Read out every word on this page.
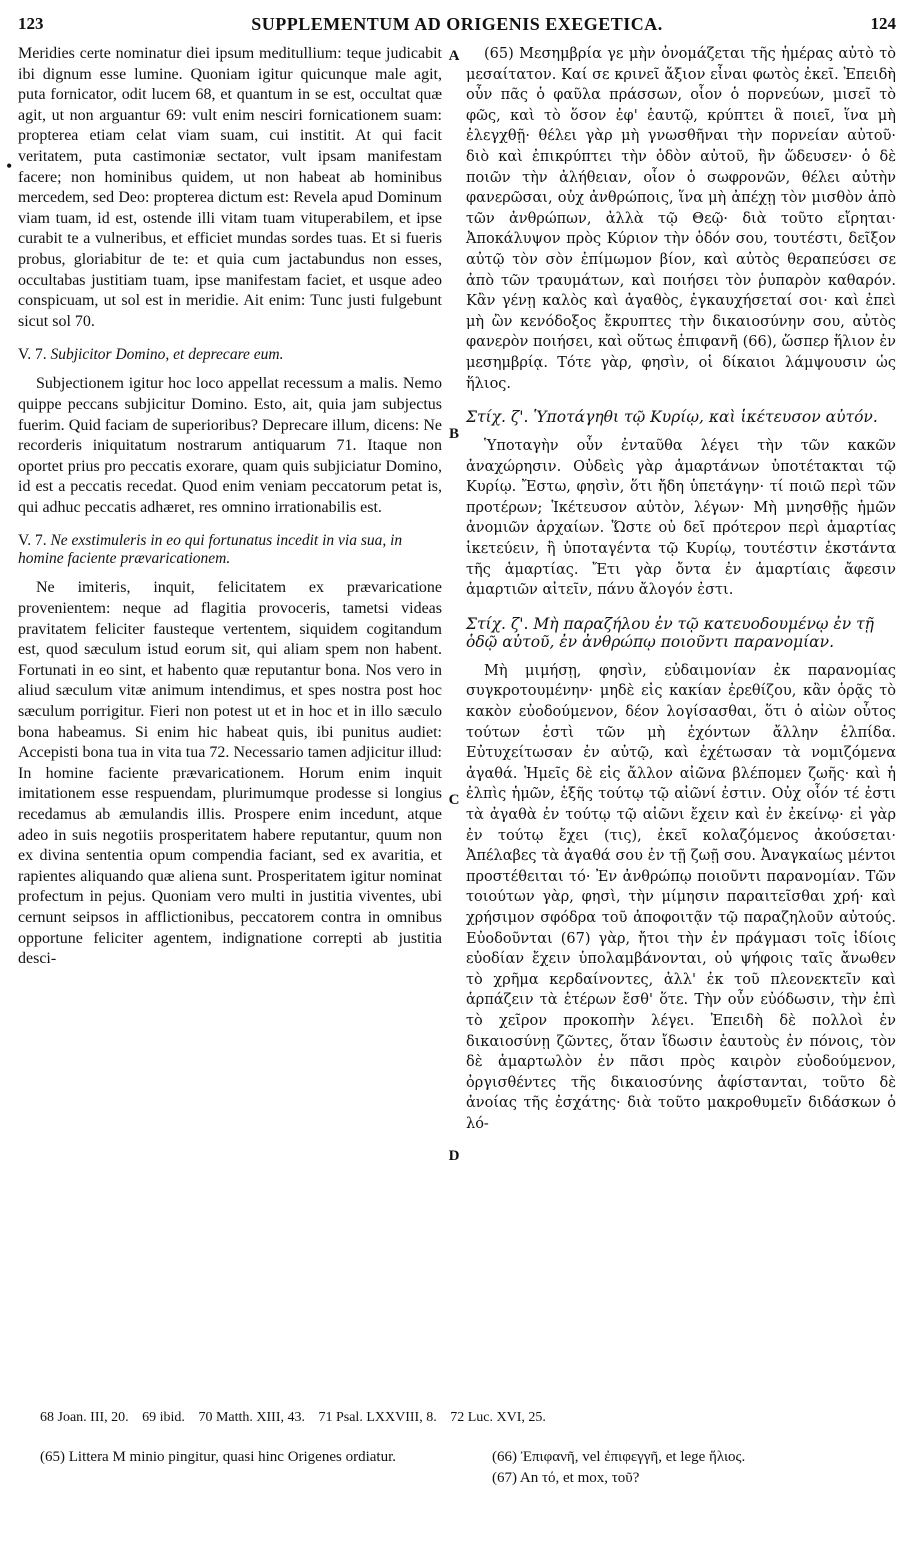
123	SUPPLEMENTUM AD ORIGENIS EXEGETICA.	124
•
A
B
C
D

Meridies certe nominatur diei ipsum meditullium: teque judicabit ibi dignum esse lumine. Quoniam igitur quicunque male agit, puta fornicator, odit lucem 68, et quantum in se est, occultat quæ agit, ut non arguantur 69: vult enim nesciri fornicationem suam: propterea etiam celat viam suam, cui institit. At qui facit veritatem, puta castimoniæ sectator, vult ipsam manifestam facere; non hominibus quidem, ut non habeat ab hominibus mercedem, sed Deo: propterea dictum est: Revela apud Dominum viam tuam, id est, ostende illi vitam tuam vituperabilem, et ipse curabit te a vulneribus, et efficiet mundas sordes tuas. Et si fueris probus, gloriabitur de te: et quia cum jactabundus non esses, occultabas justitiam tuam, ipse manifestam faciet, et usque adeo conspicuam, ut sol est in meridie. Ait enim: Tunc justi fulgebunt sicut sol 70.

V. 7. Subjicitor Domino, et deprecare eum.

Subjectionem igitur hoc loco appellat recessum a malis. Nemo quippe peccans subjicitur Domino. Esto, ait, quia jam subjectus fuerim. Quid faciam de superioribus? Deprecare illum, dicens: Ne recorderis iniquitatum nostrarum antiquarum 71. Itaque non oportet prius pro peccatis exorare, quam quis subjiciatur Domino, id est a peccatis recedat. Quod enim veniam peccatorum petat is, qui adhuc peccatis adhæret, res omnino irrationabilis est.

V. 7. Ne exstimuleris in eo qui fortunatus incedit in via sua, in homine faciente prævaricationem.

Ne imiteris, inquit, felicitatem ex prævaricatione provenientem: neque ad flagitia provoceris, tametsi videas pravitatem feliciter fausteque vertentem, siquidem cogitandum est, quod sæculum istud eorum sit, qui aliam spem non habent. Fortunati in eo sint, et habento quæ reputantur bona. Nos vero in aliud sæculum vitæ animum intendimus, et spes nostra post hoc sæculum porrigitur. Fieri non potest ut et in hoc et in illo sæculo bona habeamus. Si enim hic habeat quis, ibi punitus audiet: Accepisti bona tua in vita tua 72. Necessario tamen adjicitur illud: In homine faciente prævaricationem. Horum enim inquit imitationem esse respuendam, plurimumque prodesse si longius recedamus ab æmulandis illis. Prospere enim incedunt, atque adeo in suis negotiis prosperitatem habere reputantur, quum non ex divina sententia opum compendia faciant, sed ex avaritia, et rapientes aliquando quæ aliena sunt. Prosperitatem igitur nominat profectum in pejus. Quoniam vero multi in justitia viventes, ubi cernunt seipsos in afflictionibus, peccatorem contra in omnibus opportune feliciter agentem, indignatione correpti ab justitia desci-

(65) Μεσημβρία γε μὴν ὀνομάζεται τῆς ἡμέρας αὐτὸ τὸ μεσαίτατον. Καί σε κρινεῖ ἄξιον εἶναι φωτὸς ἐκεῖ. Ἐπειδὴ οὖν πᾶς ὁ φαῦλα πράσσων, οἷον ὁ πορνεύων, μισεῖ τὸ φῶς, καὶ τὸ ὅσον ἐφ' ἑαυτῷ, κρύπτει ἃ ποιεῖ, ἵνα μὴ ἐλεγχθῇ· θέλει γὰρ μὴ γνωσθῆναι τὴν πορνείαν αὐτοῦ· διὸ καὶ ἐπικρύπτει τὴν ὁδὸν αὐτοῦ, ἣν ὥδευσεν· ὁ δὲ ποιῶν τὴν ἀλήθειαν, οἷον ὁ σωφρονῶν, θέλει αὐτὴν φανερῶσαι, οὐχ ἀνθρώποις, ἵνα μὴ ἀπέχῃ τὸν μισθὸν ἀπὸ τῶν ἀνθρώπων, ἀλλὰ τῷ Θεῷ· διὰ τοῦτο εἴρηται· Ἀποκάλυψον πρὸς Κύριον τὴν ὁδόν σου, τουτέστι, δεῖξον αὐτῷ τὸν σὸν ἐπίμωμον βίον, καὶ αὐτὸς θεραπεύσει σε ἀπὸ τῶν τραυμάτων, καὶ ποιήσει τὸν ῥυπαρὸν καθαρόν. Κἂν γένῃ καλὸς καὶ ἀγαθὸς, ἐγκαυχήσεταί σοι· καὶ ἐπεὶ μὴ ὢν κενόδοξος ἔκρυπτες τὴν δικαιοσύνην σου, αὐτὸς φανερὸν ποιήσει, καὶ οὕτως ἐπιφανῆ (66), ὥσπερ ἥλιον ἐν μεσημβρίᾳ. Τότε γὰρ, φησὶν, οἱ δίκαιοι λάμψουσιν ὡς ἥλιος.

Στίχ. ζ'. Ὑποτάγηθι τῷ Κυρίῳ, καὶ ἱκέτευσον αὐτόν.

Ὑποταγὴν οὖν ἐνταῦθα λέγει τὴν τῶν κακῶν ἀναχώρησιν. Οὐδεὶς γὰρ ἁμαρτάνων ὑποτέτακται τῷ Κυρίῳ. Ἔστω, φησὶν, ὅτι ἤδη ὑπετάγην· τί ποιῶ περὶ τῶν προτέρων; Ἱκέτευσον αὐτὸν, λέγων· Μὴ μνησθῇς ἡμῶν ἀνομιῶν ἀρχαίων. Ὥστε οὐ δεῖ πρότερον περὶ ἁμαρτίας ἱκετεύειν, ἢ ὑποταγέντα τῷ Κυρίῳ, τουτέστιν ἐκστάντα τῆς ἁμαρτίας. Ἔτι γὰρ ὄντα ἐν ἁμαρτίαις ἄφεσιν ἁμαρτιῶν αἰτεῖν, πάνυ ἄλογόν ἐστι.

Στίχ. ζ'. Μὴ παραζήλου ἐν τῷ κατευοδουμένῳ ἐν τῇ ὁδῷ αὐτοῦ, ἐν ἀνθρώπῳ ποιοῦντι παρανομίαν.

Μὴ μιμήσῃ, φησὶν, εὐδαιμονίαν ἐκ παρανομίας συγκροτουμένην· μηδὲ εἰς κακίαν ἐρεθίζου, κἂν ὁρᾷς τὸ κακὸν εὐοδούμενον, δέον λογίσασθαι, ὅτι ὁ αἰὼν οὗτος τούτων ἐστὶ τῶν μὴ ἐχόντων ἄλλην ἐλπίδα. Εὐτυχείτωσαν ἐν αὐτῷ, καὶ ἐχέτωσαν τὰ νομιζόμενα ἀγαθά. Ἡμεῖς δὲ εἰς ἄλλον αἰῶνα βλέπομεν ζωῆς· καὶ ἡ ἐλπὶς ἡμῶν, ἑξῆς τούτῳ τῷ αἰῶνί ἐστιν. Οὐχ οἷόν τέ ἐστι τὰ ἀγαθὰ ἐν τούτῳ τῷ αἰῶνι ἔχειν καὶ ἐν ἐκείνῳ· εἰ γὰρ ἐν τούτῳ ἔχει (τις), ἐκεῖ κολαζόμενος ἀκούσεται· Ἀπέλαβες τὰ ἀγαθά σου ἐν τῇ ζωῇ σου. Ἀναγκαίως μέντοι προστέθειται τό· Ἐν ἀνθρώπῳ ποιοῦντι παρανομίαν. Τῶν τοιούτων γὰρ, φησὶ, τὴν μίμησιν παραιτεῖσθαι χρή· καὶ χρήσιμον σφόδρα τοῦ ἀποφοιτᾷν τῷ παραζηλοῦν αὐτούς. Εὐοδοῦνται (67) γὰρ, ἤτοι τὴν ἐν πράγμασι τοῖς ἰδίοις εὐοδίαν ἔχειν ὑπολαμβάνονται, οὐ ψήφοις ταῖς ἄνωθεν τὸ χρῆμα κερδαίνοντες, ἀλλ' ἐκ τοῦ πλεονεκτεῖν καὶ ἁρπάζειν τὰ ἑτέρων ἔσθ' ὅτε. Τὴν οὖν εὐόδωσιν, τὴν ἐπὶ τὸ χεῖρον προκοπὴν λέγει. Ἐπειδὴ δὲ πολλοὶ ἐν δικαιοσύνῃ ζῶντες, ὅταν ἴδωσιν ἑαυτοὺς ἐν πόνοις, τὸν δὲ ἁμαρτωλὸν ἐν πᾶσι πρὸς καιρὸν εὐοδούμενον, ὀργισθέντες τῆς δικαιοσύνης ἀφίστανται, τοῦτο δὲ ἀνοίας τῆς ἐσχάτης· διὰ τοῦτο μακροθυμεῖν διδάσκων ὁ λό-

68 Joan. III, 20. 69 ibid. 70 Matth. XIII, 43. 71 Psal. LXXVIII, 8. 72 Luc. XVI, 25.

(65) Littera M minio pingitur, quasi hinc Origenes ordiatur.	(66) Ἐπιφανῆ, vel ἐπιφεγγῆ, et lege ἥλιος.

(67) An τό, et mox, τοῦ?
